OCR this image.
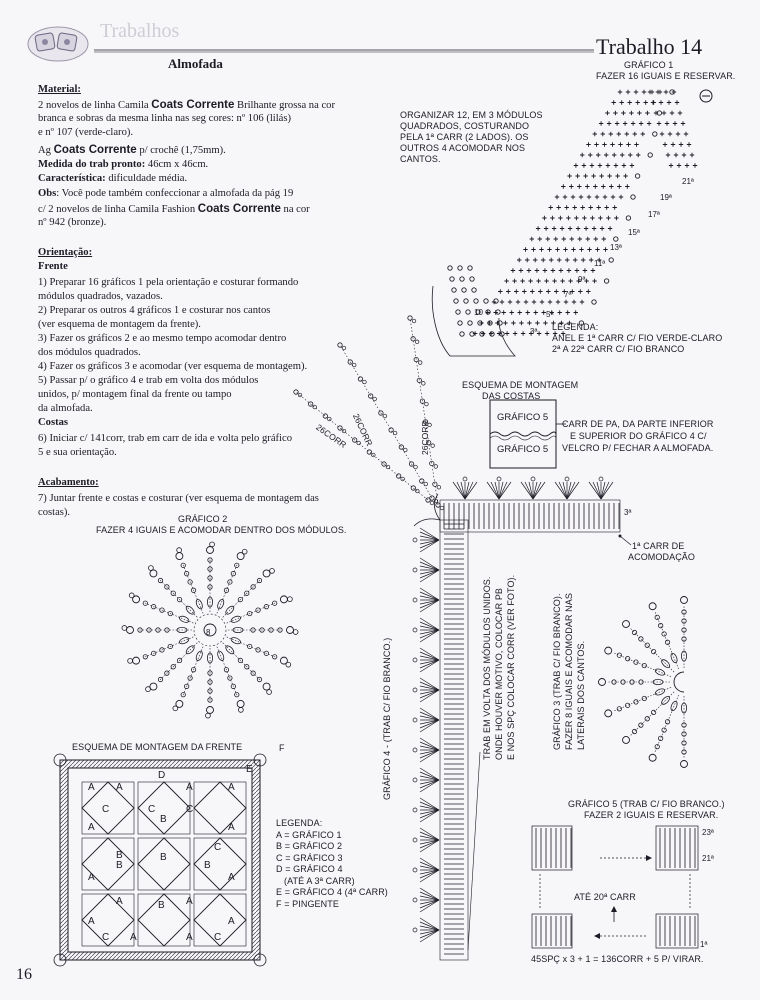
D
E
A A	A	A
B
B
A	A
C	C	C
C
A	A
B
B
B
A	A
A	A
C
B
C
A	A
Trabalhos
Trabalho 14
Almofada
Material:
2 novelos de linha Camila Coats Corrente Brilhante grossa na cor
branca e sobras da mesma linha nas seg cores: nº 106 (lilás)
e nº 107 (verde-claro).
Ag Coats Corrente p/ crochê (1,75mm).
Medida do trab pronto: 46cm x 46cm.
Característica: dificuldade média.
Obs: Você pode também confeccionar a almofada da pág 19
c/ 2 novelos de linha Camila Fashion Coats Corrente na cor
nº 942 (bronze).
Orientação:
Frente
1) Preparar 16 gráficos 1 pela orientação e costurar formando
módulos quadrados, vazados.
2) Preparar os outros 4 gráficos 1 e costurar nos cantos
(ver esquema de montagem da frente).
3) Fazer os gráficos 2 e ao mesmo tempo acomodar dentro
dos módulos quadrados.
4) Fazer os gráficos 3 e acomodar (ver esquema de montagem).
5) Passar p/ o gráfico 4 e trab em volta dos módulos
unidos, p/ montagem final da frente ou tampo
da almofada.
Costas
6) Iniciar c/ 141corr, trab em carr de ida e volta pelo gráfico
5 e sua orientação.
Acabamento:
7) Juntar frente e costas e costurar (ver esquema de montagem das
costas).
GRÁFICO 1
FAZER 16 IGUAIS E RESERVAR.
ORGANIZAR 12, EM 3 MÓDULOS
QUADRADOS, COSTURANDO
PELA 1ª CARR (2 LADOS). OS
OUTROS 4 ACOMODAR NOS
CANTOS.
21ª
19ª
17ª
15ª
13ª
11ª
9ª
7ª
5ª
3ª
10
LEGENDA:
ANEL E 1ª CARR C/ FIO VERDE-CLARO
2ª A 22ª CARR C/ FIO BRANCO
ESQUEMA DE MONTAGEM
DAS COSTAS
GRÁFICO 5
GRÁFICO 5
CARR DE PA, DA PARTE INFERIOR
E SUPERIOR DO GRÁFICO 4 C/
VELCRO P/ FECHAR A ALMOFADA.
26CORR
26CORR
26CORR
GRÁFICO 4 - (TRAB C/ FIO BRANCO.)	TRAB EM VOLTA DOS MÓDULOS UNIDOS. ONDE HOUVER MOTIVO, COLOCAR PB E NOS SPÇ COLOCAR CORR (VER FOTO).
3ª
1ª CARR DE
ACOMODAÇÃO
GRÁFICO 2
FAZER 4 IGUAIS E ACOMODAR DENTRO DOS MÓDULOS.
8	GRÁFICO 3 (TRAB C/ FIO BRANCO). FAZER 8 IGUAIS E ACOMODAR NAS LATERAIS DOS CANTOS.
ESQUEMA DE MONTAGEM DA FRENTE	F
LEGENDA:
A = GRÁFICO 1
B = GRÁFICO 2
C = GRÁFICO 3
D = GRÁFICO 4
(ATÉ A 3ª CARR)
E = GRÁFICO 4 (4ª CARR)
F = PINGENTE
GRÁFICO 5 (TRAB C/ FIO BRANCO.)
FAZER 2 IGUAIS E RESERVAR.
23ª
21ª
ATÉ 20ª CARR
1ª
45SPÇ x 3 + 1 = 136CORR + 5 P/ VIRAR.
16
